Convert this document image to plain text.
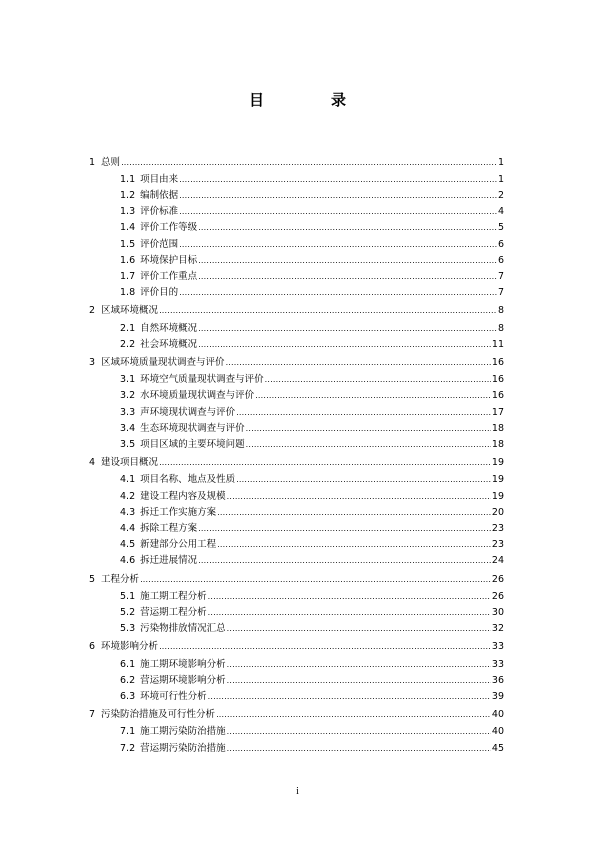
目　录
1 总则 .....	1
1.1 项目由来 .....	1
1.2 编制依据 .....	2
1.3 评价标准 .....	4
1.4 评价工作等级 .....	5
1.5 评价范围 .....	6
1.6 环境保护目标 .....	6
1.7 评价工作重点 .....	7
1.8 评价目的 .....	7
2 区域环境概况 .....	8
2.1 自然环境概况 .....	8
2.2 社会环境概况 .....	11
3 区域环境质量现状调查与评价 .....	16
3.1 环境空气质量现状调查与评价 .....	16
3.2 水环境质量现状调查与评价 .....	16
3.3 声环境现状调查与评价 .....	17
3.4 生态环境现状调查与评价 .....	18
3.5 项目区域的主要环境问题 .....	18
4 建设项目概况 .....	19
4.1 项目名称、地点及性质 .....	19
4.2 建设工程内容及规模 .....	19
4.3 拆迁工作实施方案 .....	20
4.4 拆除工程方案 .....	23
4.5 新建部分公用工程 .....	23
4.6 拆迁进展情况 .....	24
5 工程分析 .....	26
5.1 施工期工程分析 .....	26
5.2 营运期工程分析 .....	30
5.3 污染物排放情况汇总 .....	32
6 环境影响分析 .....	33
6.1 施工期环境影响分析 .....	33
6.2 营运期环境影响分析 .....	36
6.3 环境可行性分析 .....	39
7 污染防治措施及可行性分析 .....	40
7.1 施工期污染防治措施 .....	40
7.2 营运期污染防治措施 .....	45
i
